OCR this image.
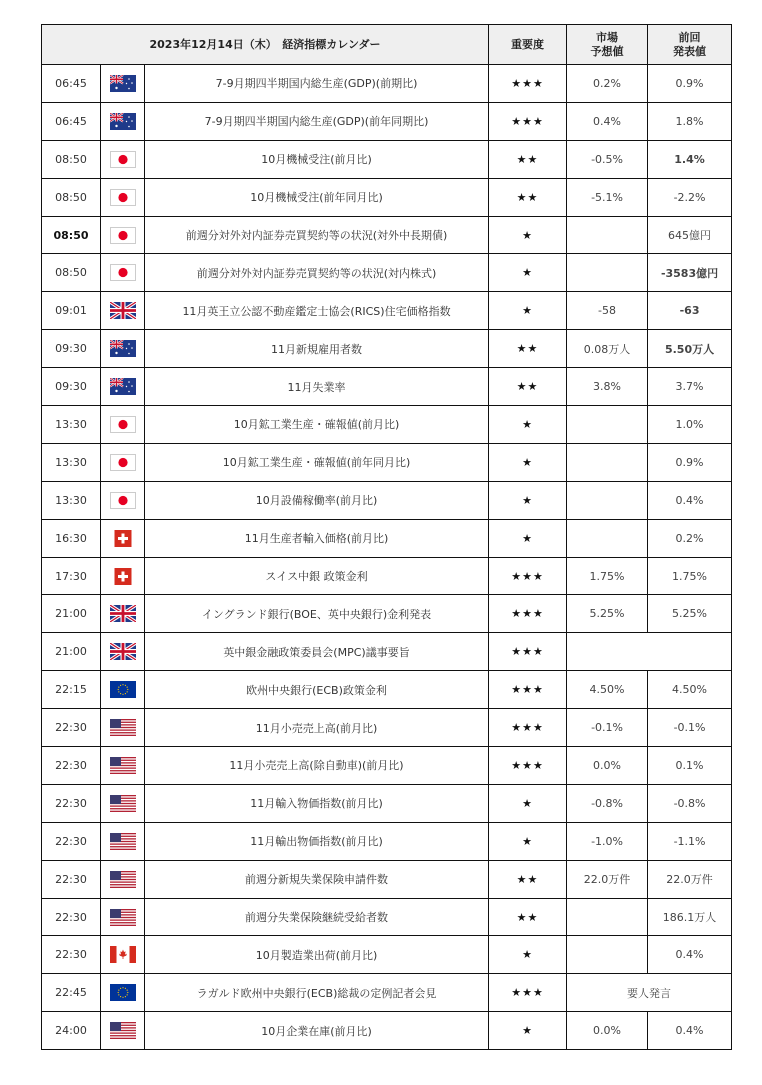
2023年12月14日（木）　経済指標カレンダー			重要度	市場
予想値	前回
発表値
06:45		7-9月期四半期国内総生産(GDP)(前期比)	★★★	0.2%	0.9%
06:45		7-9月期四半期国内総生産(GDP)(前年同期比)	★★★	0.4%	1.8%
08:50		10月機械受注(前月比)	★★	-0.5%	1.4%
08:50		10月機械受注(前年同月比)	★★	-5.1%	-2.2%
08:50		前週分対外対内証券売買契約等の状況(対外中長期債)	★		645億円
08:50		前週分対外対内証券売買契約等の状況(対内株式)	★		-3583億円
09:01		11月英王立公認不動産鑑定士協会(RICS)住宅価格指数	★	-58	-63
09:30		11月新規雇用者数	★★	0.08万人	5.50万人
09:30		11月失業率	★★	3.8%	3.7%
13:30		10月鉱工業生産・確報値(前月比)	★		1.0%
13:30		10月鉱工業生産・確報値(前年同月比)	★		0.9%
13:30		10月設備稼働率(前月比)	★		0.4%
16:30		11月生産者輸入価格(前月比)	★		0.2%
17:30		スイス中銀 政策金利	★★★	1.75%	1.75%
21:00		イングランド銀行(BOE、英中央銀行)金利発表	★★★	5.25%	5.25%
21:00		英中銀金融政策委員会(MPC)議事要旨	★★★		
22:15		欧州中央銀行(ECB)政策金利	★★★	4.50%	4.50%
22:30		11月小売売上高(前月比)	★★★	-0.1%	-0.1%
22:30		11月小売売上高(除自動車)(前月比)	★★★	0.0%	0.1%
22:30		11月輸入物価指数(前月比)	★	-0.8%	-0.8%
22:30		11月輸出物価指数(前月比)	★	-1.0%	-1.1%
22:30		前週分新規失業保険申請件数	★★	22.0万件	22.0万件
22:30		前週分失業保険継続受給者数	★★		186.1万人
22:30		10月製造業出荷(前月比)	★		0.4%
22:45		ラガルド欧州中央銀行(ECB)総裁の定例記者会見	★★★	要人発言	
24:00		10月企業在庫(前月比)	★	0.0%	0.4%
